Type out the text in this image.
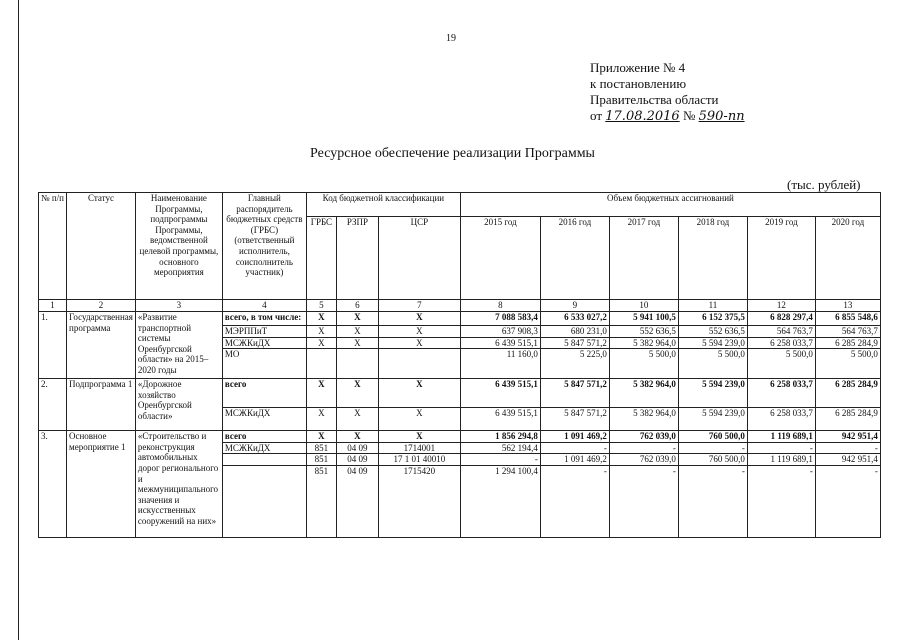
19
Приложение № 4
к постановлению
Правительства области
от 17.08.2016 № 590-пп
Ресурсное обеспечение реализации Программы
(тыс. рублей)
№ п/п	Статус	Наименование Программы, подпрограммы Программы, ведомственной целевой программы, основного мероприятия	Главный распорядитель бюджетных средств (ГРБС) (ответственный исполнитель, соисполнитель участник)	Код бюджетной классификации			Объем бюджетных ассигнований					
				ГРБС	РЗПР	ЦСР	2015 год	2016 год	2017 год	2018 год	2019 год	2020 год
1	2	3	4	5	6	7	8	9	10	11	12	13
1.	Государственная программа	«Развитие транспортной системы Оренбургской области» на 2015–2020 годы	всего, в том числе:	Х	Х	Х	7 088 583,4	6 533 027,2	5 941 100,5	6 152 375,5	6 828 297,4	6 855 548,6
			МЭРППиТ	Х	Х	Х	637 908,3	680 231,0	552 636,5	552 636,5	564 763,7	564 763,7
			МСЖКиДХ	Х	Х	Х	6 439 515,1	5 847 571,2	5 382 964,0	5 594 239,0	6 258 033,7	6 285 284,9
			МО				11 160,0	5 225,0	5 500,0	5 500,0	5 500,0	5 500,0
2.	Подпрограмма 1	«Дорожное хозяйство Оренбургской области»	всего	Х	Х	Х	6 439 515,1	5 847 571,2	5 382 964,0	5 594 239,0	6 258 033,7	6 285 284,9
			МСЖКиДХ	Х	Х	Х	6 439 515,1	5 847 571,2	5 382 964,0	5 594 239,0	6 258 033,7	6 285 284,9
3.	Основное мероприятие 1	«Строительство и реконструкция автомобильных дорог регионального и межмуниципального значения и искусственных сооружений на них»	всего	Х	Х	Х	1 856 294,8	1 091 469,2	762 039,0	760 500,0	1 119 689,1	942 951,4
			МСЖКиДХ	851	04 09	1714001	562 194,4	-	-	-	-	-
				851	04 09	17 1 01 40010	-	1 091 469,2	762 039,0	760 500,0	1 119 689,1	942 951,4
				851	04 09	1715420	1 294 100,4	-	-	-	-	-
